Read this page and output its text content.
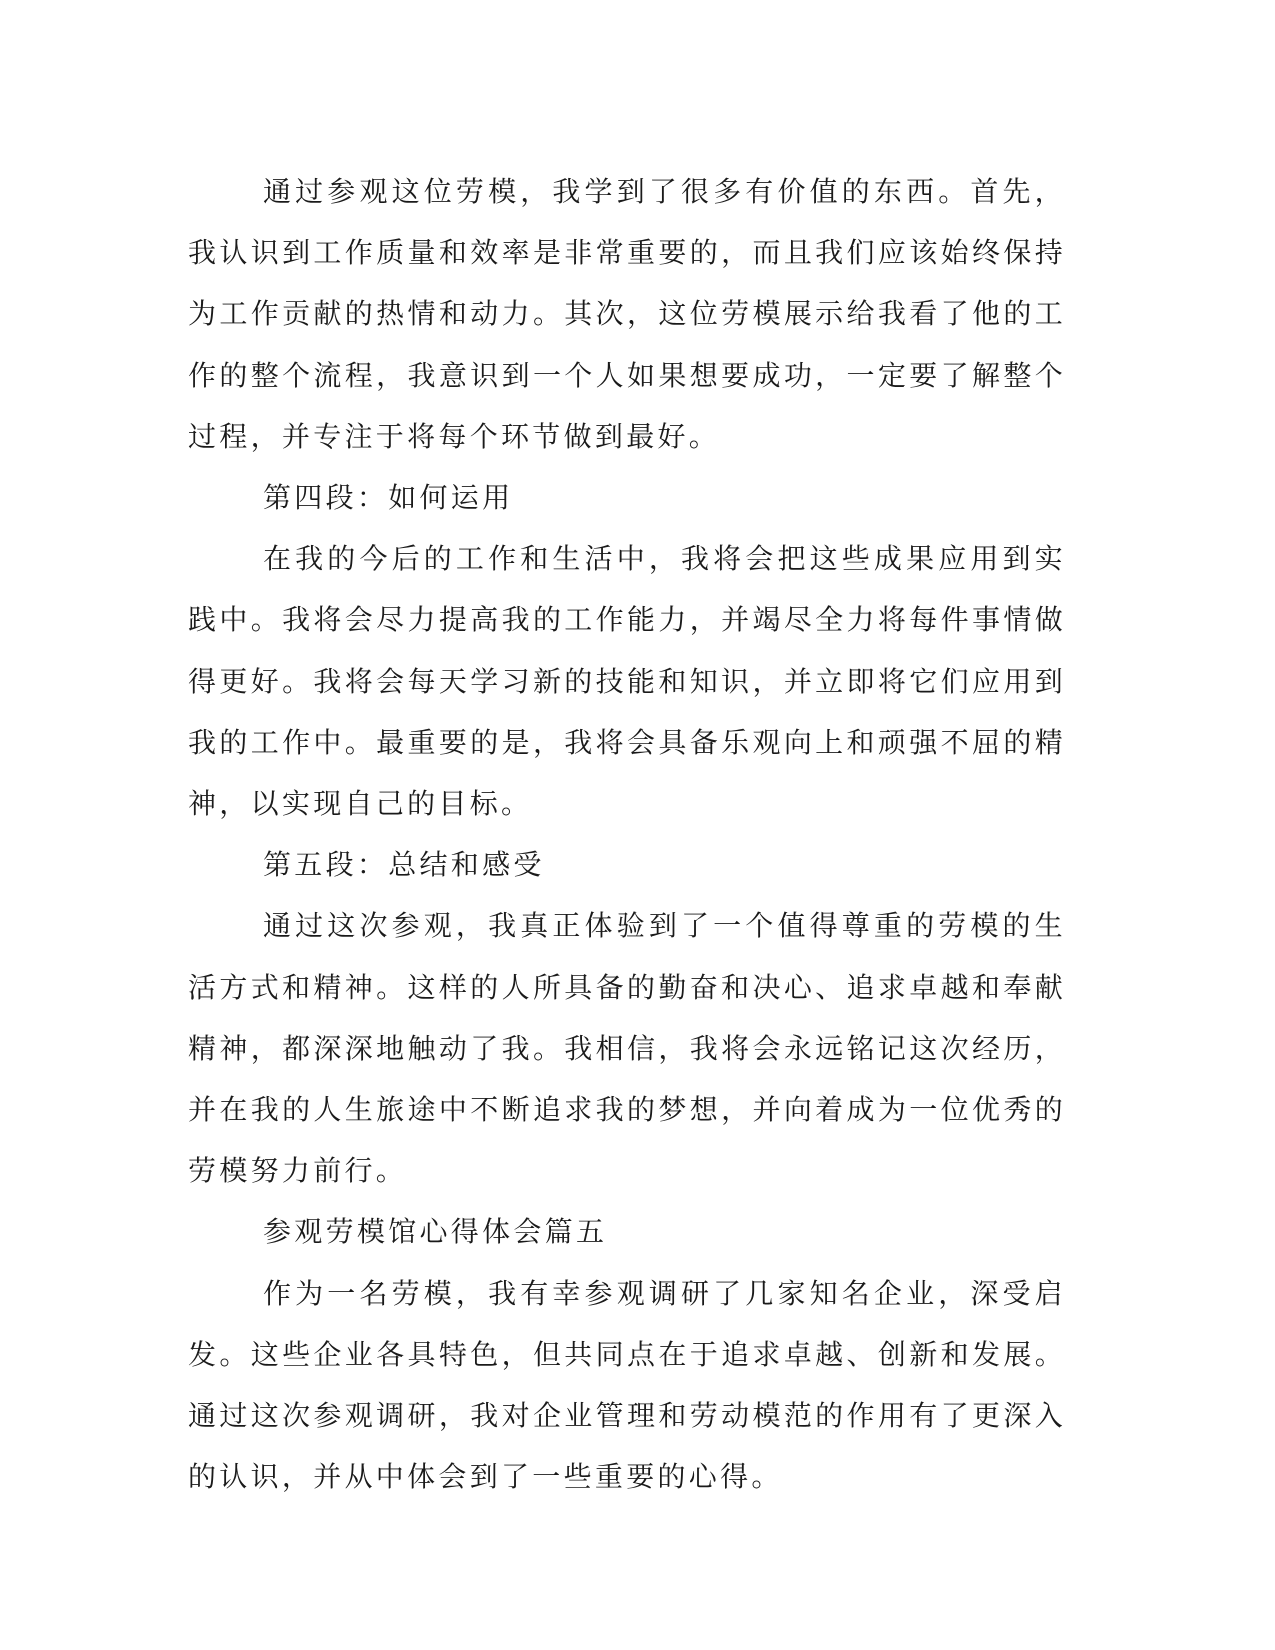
通过参观这位劳模，我学到了很多有价值的东西。首先，我认识到工作质量和效率是非常重要的，而且我们应该始终保持为工作贡献的热情和动力。其次，这位劳模展示给我看了他的工作的整个流程，我意识到一个人如果想要成功，一定要了解整个过程，并专注于将每个环节做到最好。

第四段：如何运用

在我的今后的工作和生活中，我将会把这些成果应用到实践中。我将会尽力提高我的工作能力，并竭尽全力将每件事情做得更好。我将会每天学习新的技能和知识，并立即将它们应用到我的工作中。最重要的是，我将会具备乐观向上和顽强不屈的精神，以实现自己的目标。

第五段：总结和感受

通过这次参观，我真正体验到了一个值得尊重的劳模的生活方式和精神。这样的人所具备的勤奋和决心、追求卓越和奉献精神，都深深地触动了我。我相信，我将会永远铭记这次经历，并在我的人生旅途中不断追求我的梦想，并向着成为一位优秀的劳模努力前行。

参观劳模馆心得体会篇五

作为一名劳模，我有幸参观调研了几家知名企业，深受启发。这些企业各具特色，但共同点在于追求卓越、创新和发展。通过这次参观调研，我对企业管理和劳动模范的作用有了更深入的认识，并从中体会到了一些重要的心得。
